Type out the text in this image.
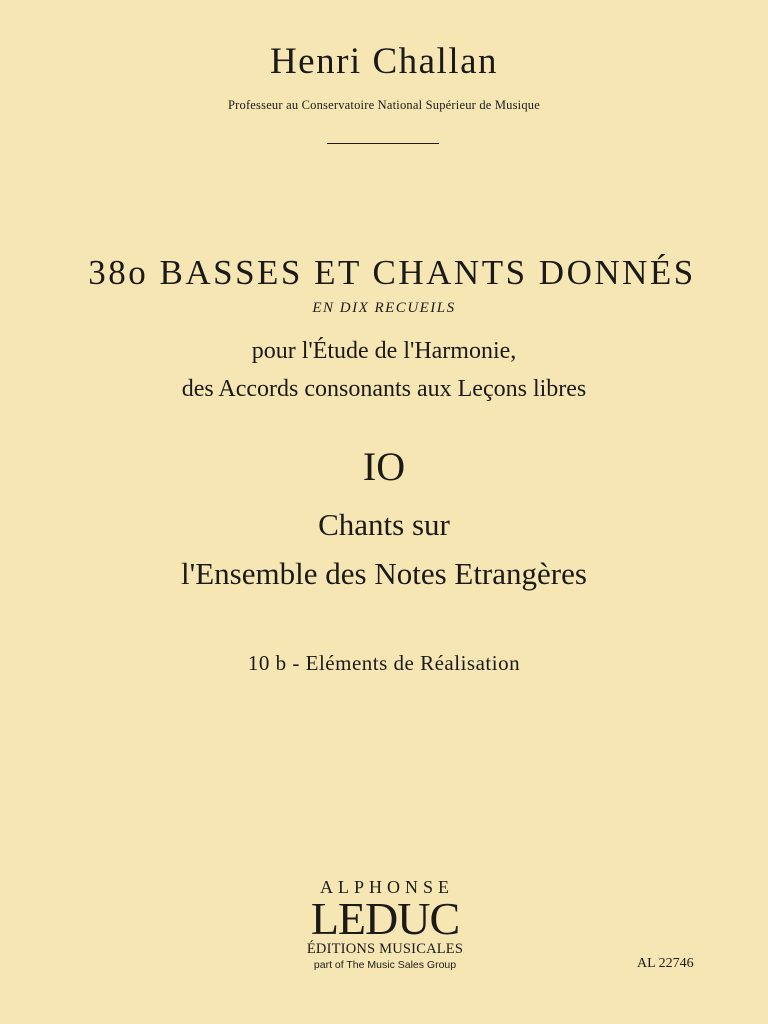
Henri Challan
Professeur au Conservatoire National Supérieur de Musique
38o BASSES ET CHANTS DONNÉS
EN DIX RECUEILS
pour l'Étude de l'Harmonie,
des Accords consonants aux Leçons libres
IO
Chants sur
l'Ensemble des Notes Etrangères
10 b - Eléments de Réalisation
ALPHONSE
LEDUC
ÉDITIONS MUSICALES
part of The Music Sales Group	AL 22746
